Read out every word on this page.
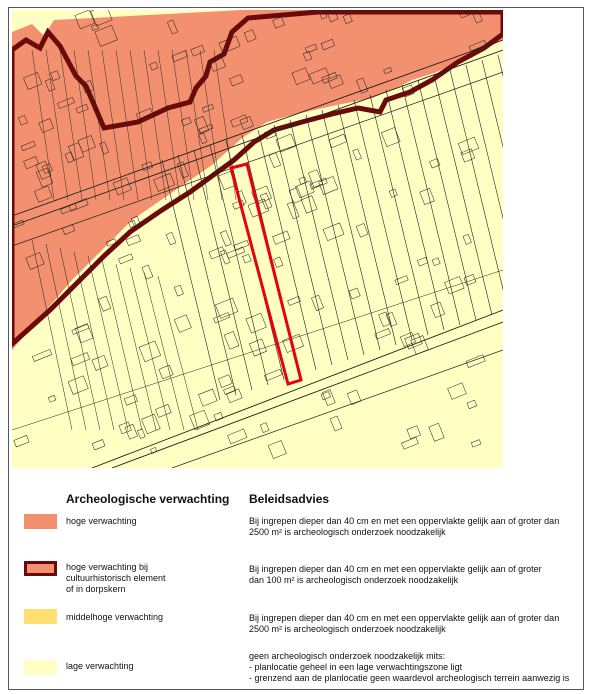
Archeologische verwachting Beleidsadvies
hoge verwachting	Bij ingrepen dieper dan 40 cm en met een oppervlakte gelijk aan of groter dan
2500 m² is archeologisch onderzoek noodzakelijk
hoge verwachting bij
cultuurhistorisch element
of in dorpskern
Bij ingrepen dieper dan 40 cm en met een oppervlakte gelijk aan of groter
dan 100 m² is archeologisch onderzoek noodzakelijk
middelhoge verwachting	Bij ingrepen dieper dan 40 cm en met een oppervlakte gelijk aan of groter dan
2500 m² is archeologisch onderzoek noodzakelijk
lage verwachting
geen archeologisch onderzoek noodzakelijk mits:
- planlocatie geheel in een lage verwachtingszone ligt
- grenzend aan de planlocatie geen waardevol archeologisch terrein aanwezig is
